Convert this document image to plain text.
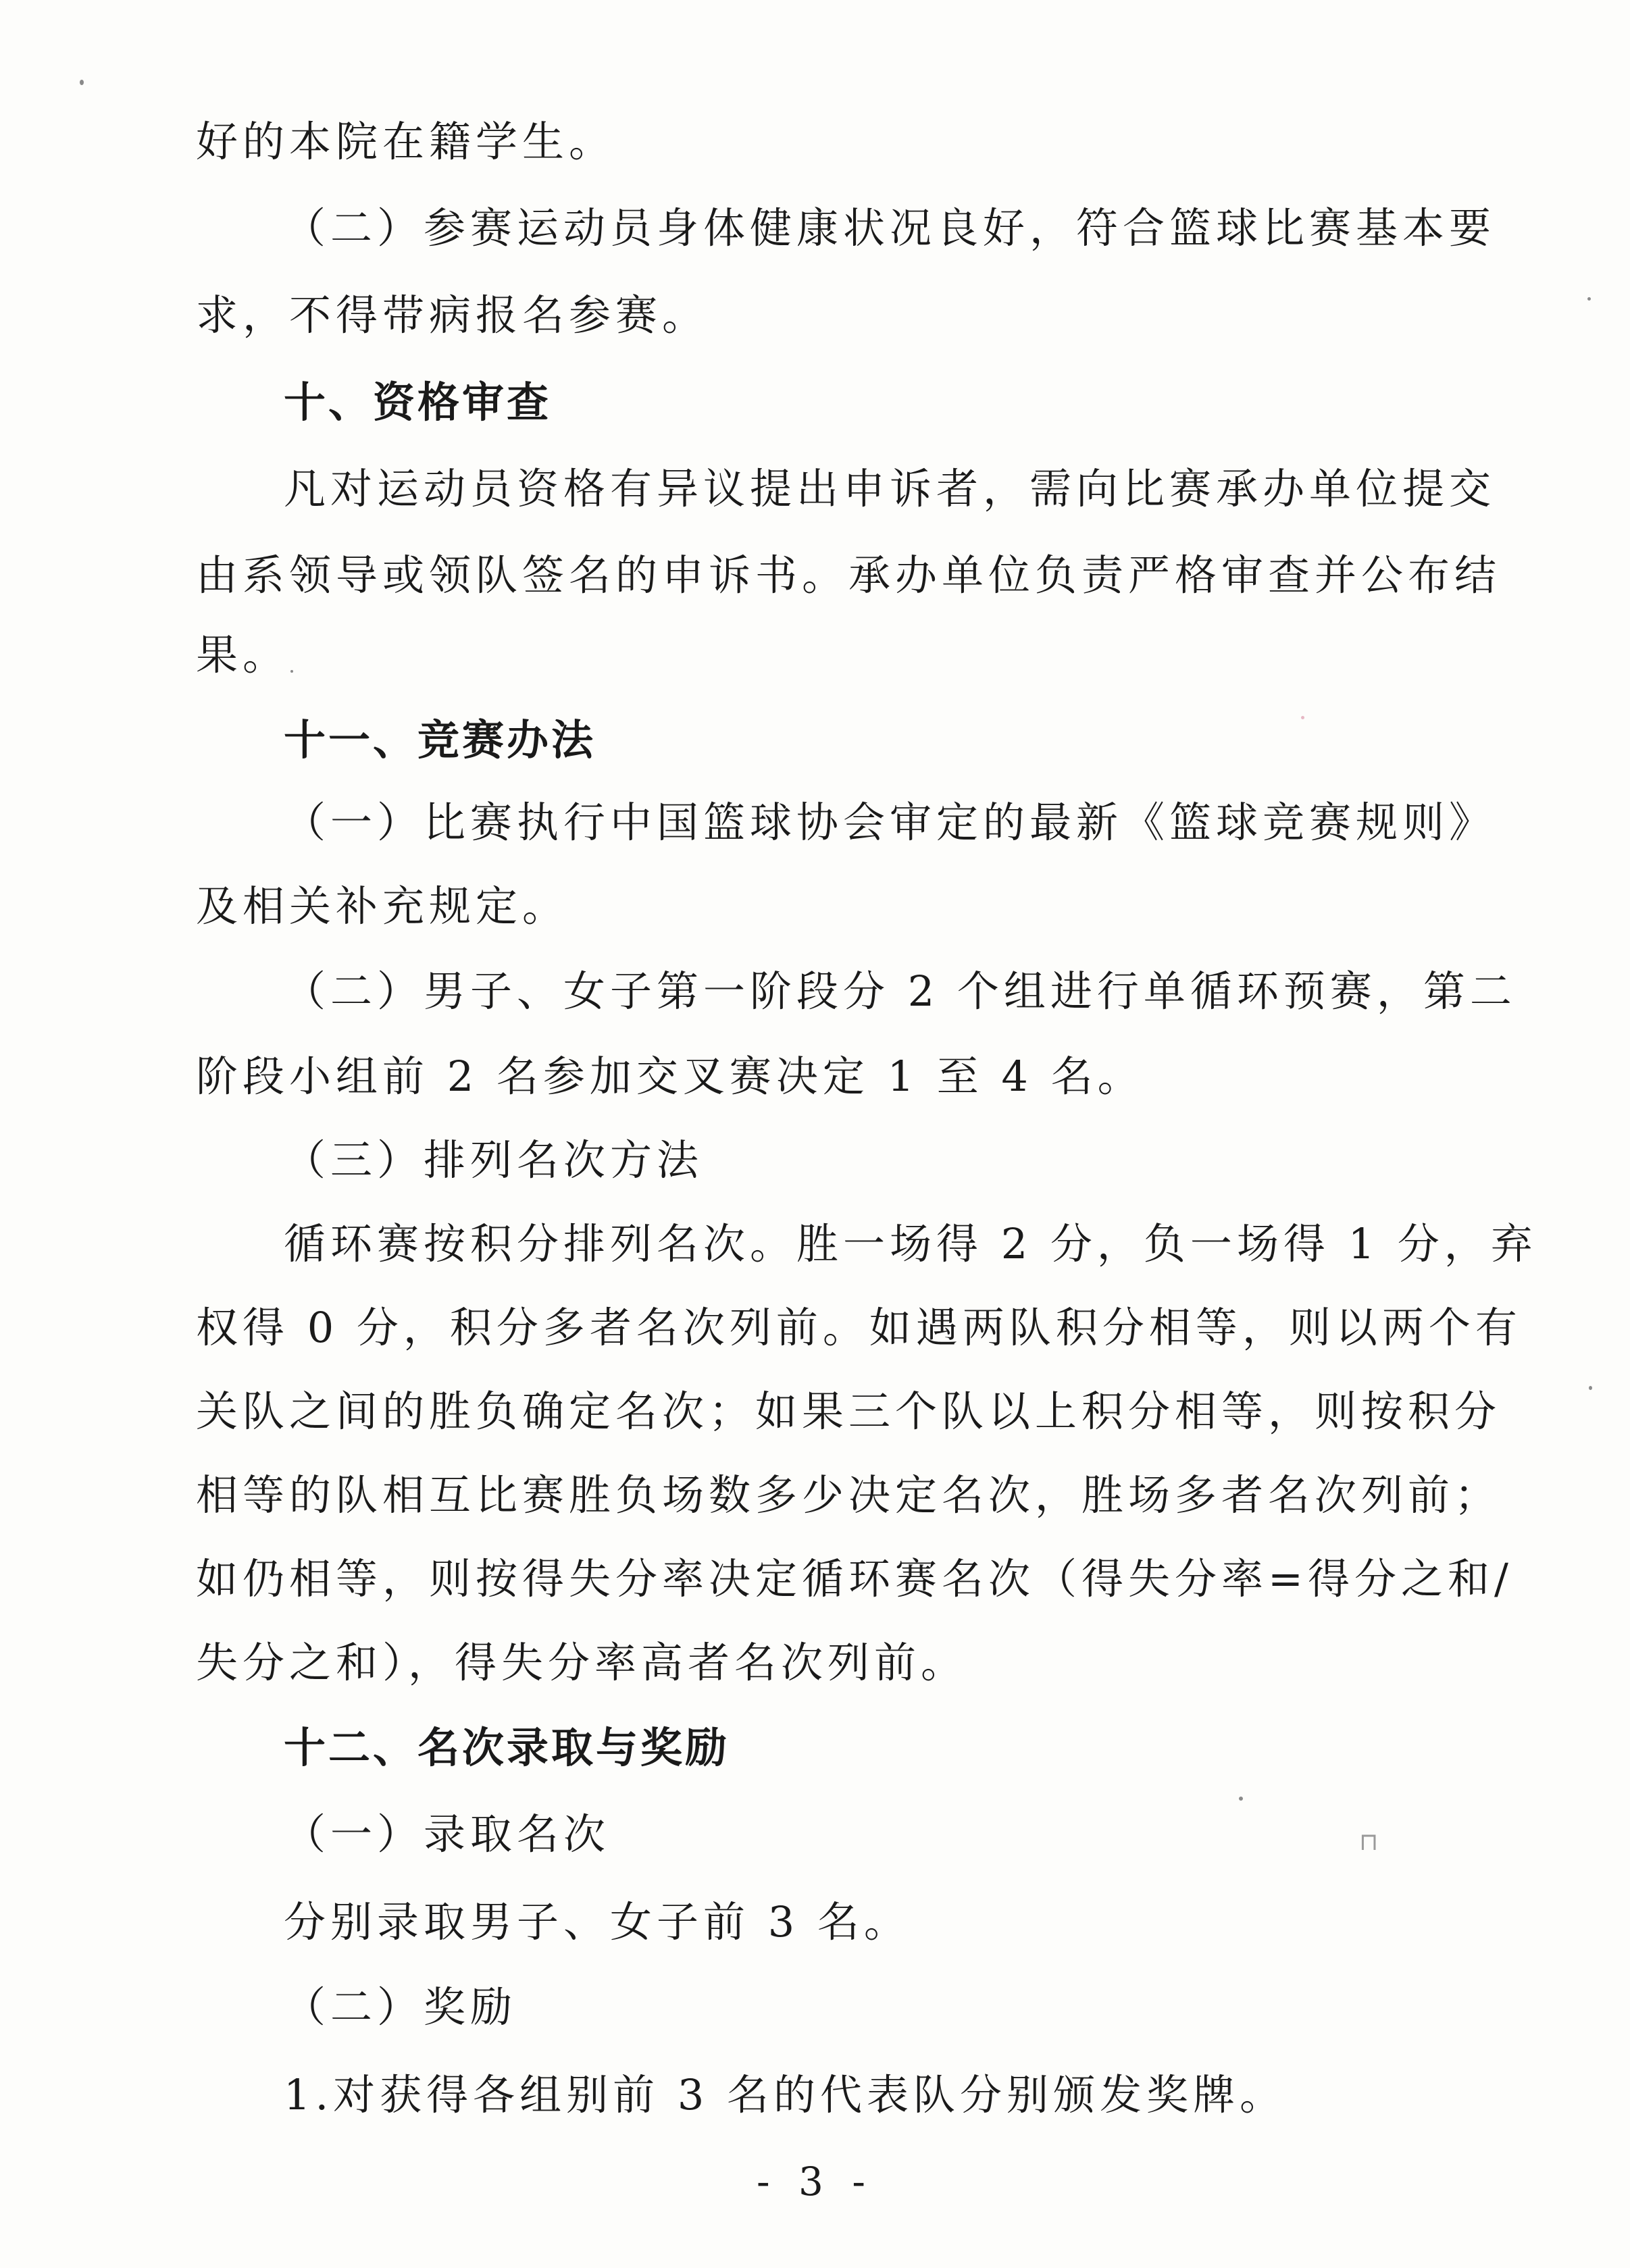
好的本院在籍学生。
（二）参赛运动员身体健康状况良好，符合篮球比赛基本要
求，不得带病报名参赛。
十、资格审查
凡对运动员资格有异议提出申诉者，需向比赛承办单位提交
由系领导或领队签名的申诉书。承办单位负责严格审查并公布结
果。
十一、竞赛办法
（一）比赛执行中国篮球协会审定的最新《篮球竞赛规则》
及相关补充规定。
（二）男子、女子第一阶段分 2 个组进行单循环预赛，第二
阶段小组前 2 名参加交叉赛决定 1 至 4 名。
（三）排列名次方法
循环赛按积分排列名次。胜一场得 2 分，负一场得 1 分，弃
权得 0 分，积分多者名次列前。如遇两队积分相等，则以两个有
关队之间的胜负确定名次；如果三个队以上积分相等，则按积分
相等的队相互比赛胜负场数多少决定名次，胜场多者名次列前；
如仍相等，则按得失分率决定循环赛名次（得失分率=得分之和/
失分之和），得失分率高者名次列前。
十二、名次录取与奖励
（一）录取名次
分别录取男子、女子前 3 名。
（二）奖励
1.对获得各组别前 3 名的代表队分别颁发奖牌。
- 3 -
⊓
